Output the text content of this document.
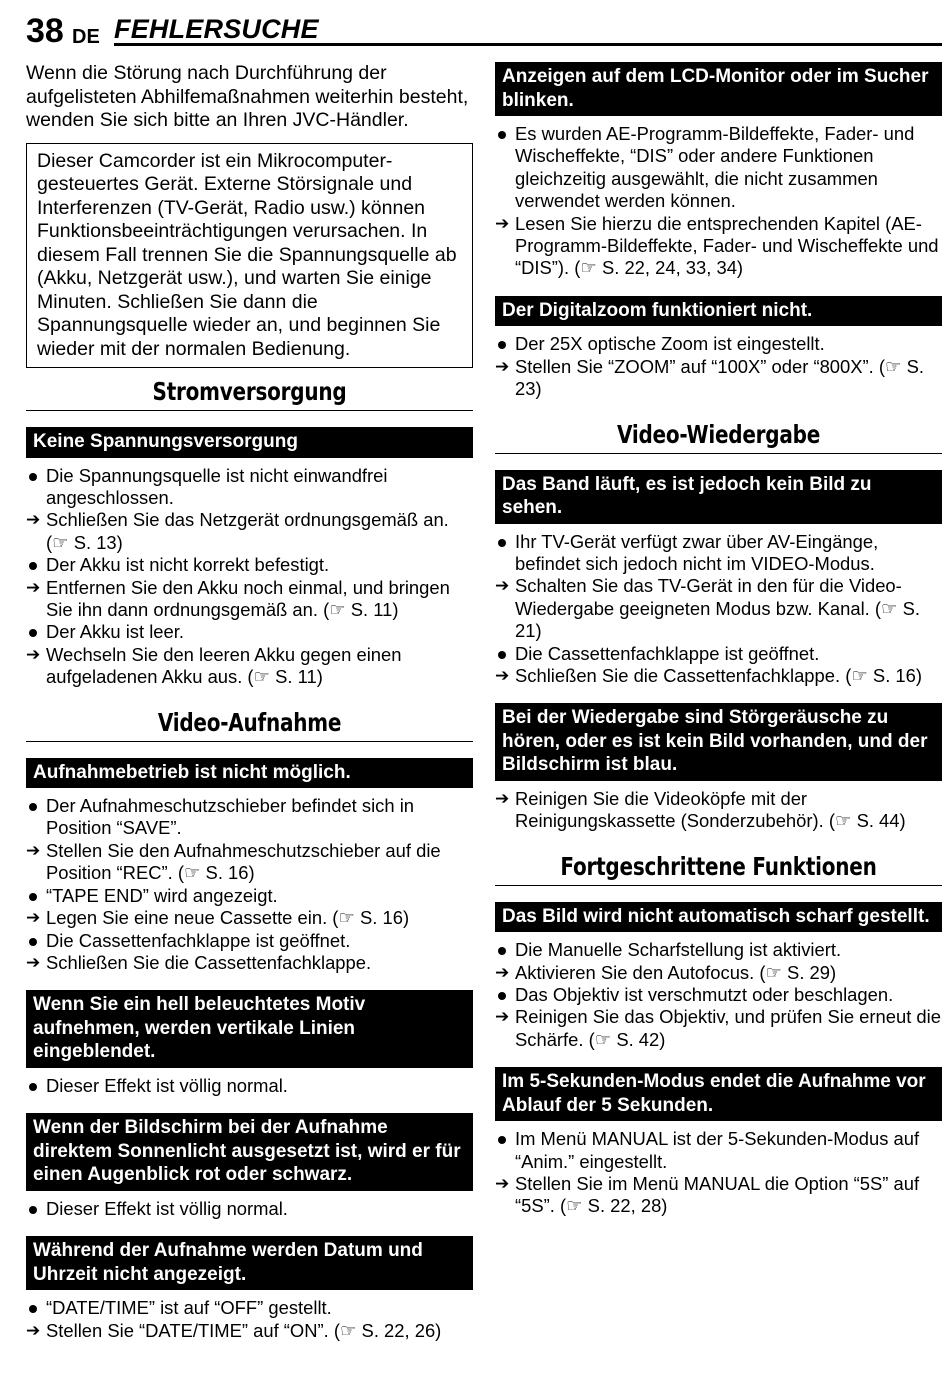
38 DE FEHLERSUCHE

Wenn die Störung nach Durchführung der aufgelisteten Abhilfemaßnahmen weiterhin besteht, wenden Sie sich bitte an Ihren JVC-Händler.

Dieser Camcorder ist ein Mikrocomputer-gesteuertes Gerät. Externe Störsignale und Interferenzen (TV-Gerät, Radio usw.) können Funktionsbeeinträchtigungen verursachen. In diesem Fall trennen Sie die Spannungsquelle ab (Akku, Netzgerät usw.), und warten Sie einige Minuten. Schließen Sie dann die Spannungsquelle wieder an, und beginnen Sie wieder mit der normalen Bedienung.
Stromversorgung
Keine Spannungsversorgung
Die Spannungsquelle ist nicht einwandfrei angeschlossen.
Schließen Sie das Netzgerät ordnungsgemäß an. (☞ S. 13)
Der Akku ist nicht korrekt befestigt.
Entfernen Sie den Akku noch einmal, und bringen Sie ihn dann ordnungsgemäß an. (☞ S. 11)
Der Akku ist leer.
Wechseln Sie den leeren Akku gegen einen aufgeladenen Akku aus. (☞ S. 11)
Video-Aufnahme
Aufnahmebetrieb ist nicht möglich.
Der Aufnahmeschutzschieber befindet sich in Position “SAVE”.
Stellen Sie den Aufnahmeschutzschieber auf die Position “REC”. (☞ S. 16)
“TAPE END” wird angezeigt.
Legen Sie eine neue Cassette ein. (☞ S. 16)
Die Cassettenfachklappe ist geöffnet.
Schließen Sie die Cassettenfachklappe.
Wenn Sie ein hell beleuchtetes Motiv aufnehmen, werden vertikale Linien eingeblendet.
Dieser Effekt ist völlig normal.
Wenn der Bildschirm bei der Aufnahme direktem Sonnenlicht ausgesetzt ist, wird er für einen Augenblick rot oder schwarz.
Dieser Effekt ist völlig normal.
Während der Aufnahme werden Datum und Uhrzeit nicht angezeigt.
“DATE/TIME” ist auf “OFF” gestellt.
Stellen Sie “DATE/TIME” auf “ON”. (☞ S. 22, 26)
Anzeigen auf dem LCD-Monitor oder im Sucher blinken.
Es wurden AE-Programm-Bildeffekte, Fader- und Wischeffekte, “DIS” oder andere Funktionen gleichzeitig ausgewählt, die nicht zusammen verwendet werden können.
Lesen Sie hierzu die entsprechenden Kapitel (AE-Programm-Bildeffekte, Fader- und Wischeffekte und “DIS”). (☞ S. 22, 24, 33, 34)
Der Digitalzoom funktioniert nicht.
Der 25X optische Zoom ist eingestellt.
Stellen Sie “ZOOM” auf “100X” oder “800X”. (☞ S. 23)
Video-Wiedergabe
Das Band läuft, es ist jedoch kein Bild zu sehen.
Ihr TV-Gerät verfügt zwar über AV-Eingänge, befindet sich jedoch nicht im VIDEO-Modus.
Schalten Sie das TV-Gerät in den für die Video-Wiedergabe geeigneten Modus bzw. Kanal. (☞ S. 21)
Die Cassettenfachklappe ist geöffnet.
Schließen Sie die Cassettenfachklappe. (☞ S. 16)
Bei der Wiedergabe sind Störgeräusche zu hören, oder es ist kein Bild vorhanden, und der Bildschirm ist blau.
Reinigen Sie die Videoköpfe mit der Reinigungskassette (Sonderzubehör). (☞ S. 44)
Fortgeschrittene Funktionen
Das Bild wird nicht automatisch scharf gestellt.
Die Manuelle Scharfstellung ist aktiviert.
Aktivieren Sie den Autofocus. (☞ S. 29)
Das Objektiv ist verschmutzt oder beschlagen.
Reinigen Sie das Objektiv, und prüfen Sie erneut die Schärfe. (☞ S. 42)
Im 5-Sekunden-Modus endet die Aufnahme vor Ablauf der 5 Sekunden.
Im Menü MANUAL ist der 5-Sekunden-Modus auf “Anim.” eingestellt.
Stellen Sie im Menü MANUAL die Option “5S” auf “5S”. (☞ S. 22, 28)
